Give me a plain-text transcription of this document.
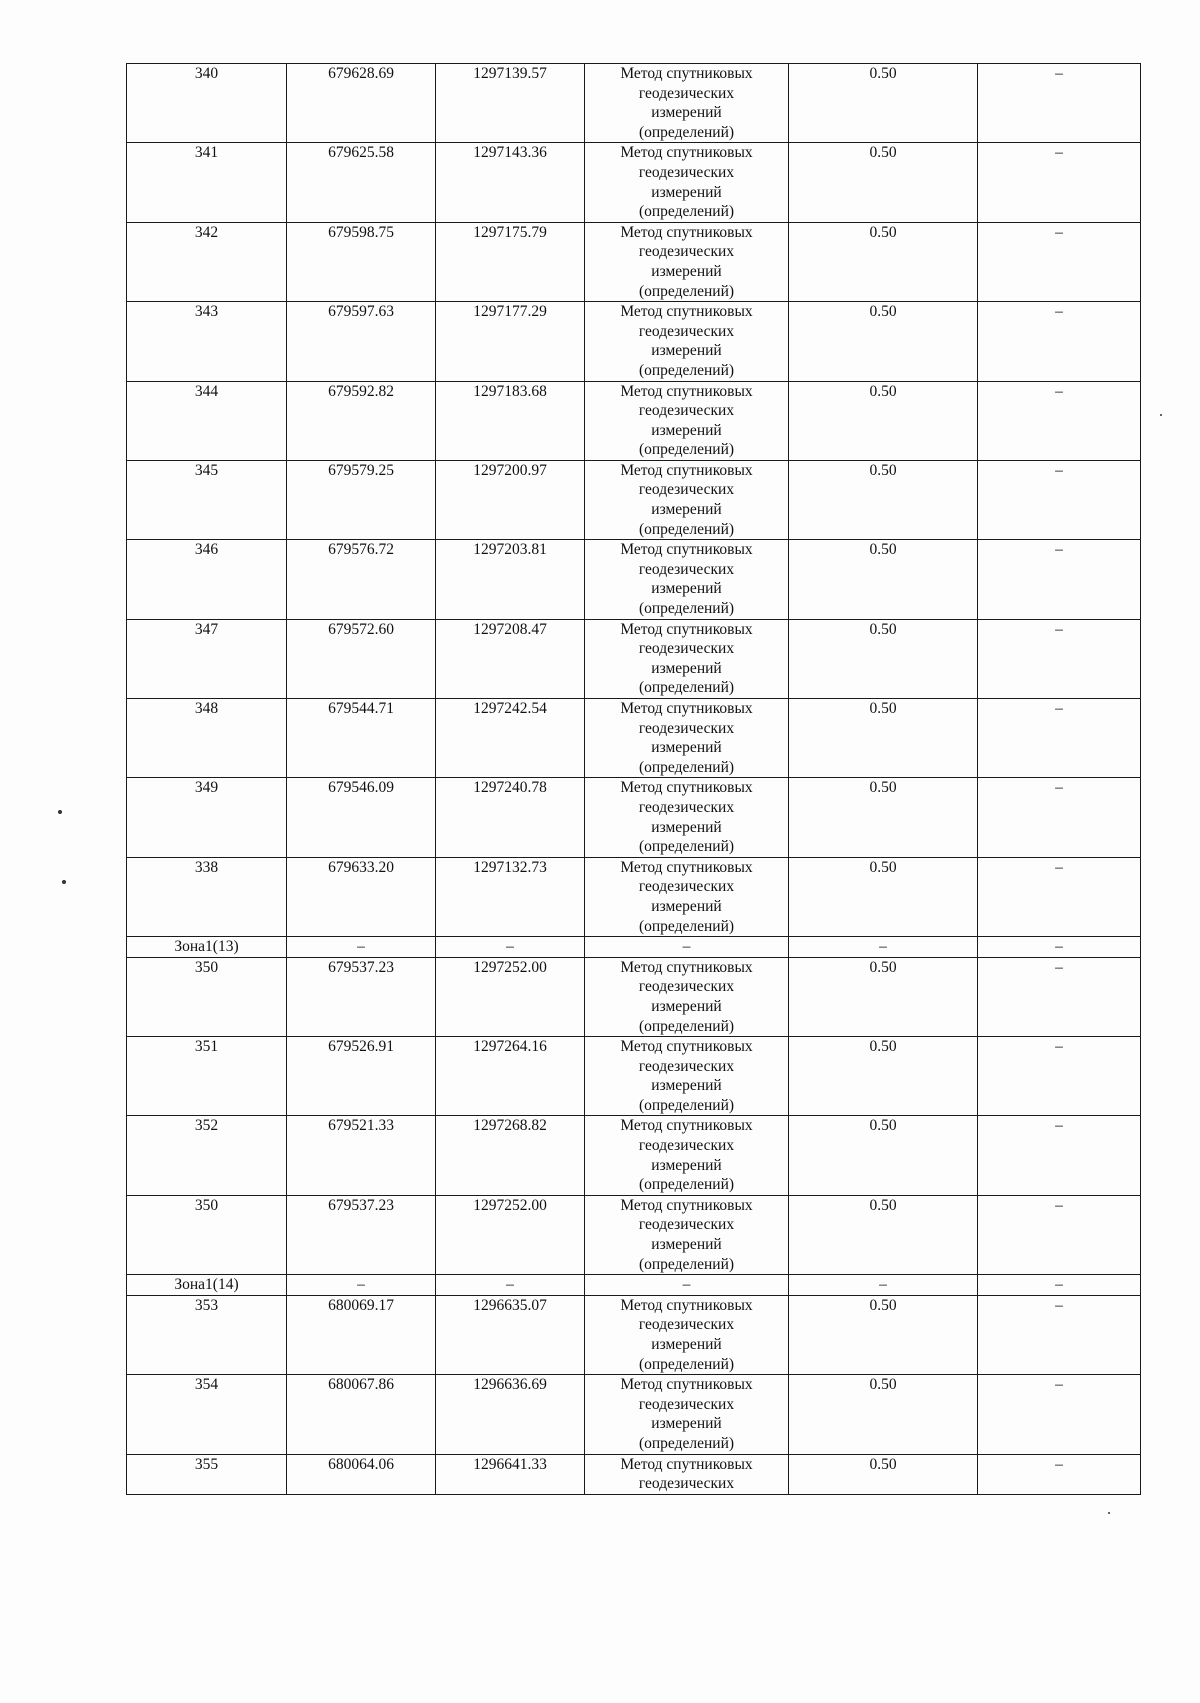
340	679628.69	1297139.57	Метод спутниковых
геодезических
измерений
(определений)	0.50	–
341	679625.58	1297143.36	Метод спутниковых
геодезических
измерений
(определений)	0.50	–
342	679598.75	1297175.79	Метод спутниковых
геодезических
измерений
(определений)	0.50	–
343	679597.63	1297177.29	Метод спутниковых
геодезических
измерений
(определений)	0.50	–
344	679592.82	1297183.68	Метод спутниковых
геодезических
измерений
(определений)	0.50	–
345	679579.25	1297200.97	Метод спутниковых
геодезических
измерений
(определений)	0.50	–
346	679576.72	1297203.81	Метод спутниковых
геодезических
измерений
(определений)	0.50	–
347	679572.60	1297208.47	Метод спутниковых
геодезических
измерений
(определений)	0.50	–
348	679544.71	1297242.54	Метод спутниковых
геодезических
измерений
(определений)	0.50	–
349	679546.09	1297240.78	Метод спутниковых
геодезических
измерений
(определений)	0.50	–
338	679633.20	1297132.73	Метод спутниковых
геодезических
измерений
(определений)	0.50	–
Зона1(13)	–	–	–	–	–
350	679537.23	1297252.00	Метод спутниковых
геодезических
измерений
(определений)	0.50	–
351	679526.91	1297264.16	Метод спутниковых
геодезических
измерений
(определений)	0.50	–
352	679521.33	1297268.82	Метод спутниковых
геодезических
измерений
(определений)	0.50	–
350	679537.23	1297252.00	Метод спутниковых
геодезических
измерений
(определений)	0.50	–
Зона1(14)	–	–	–	–	–
353	680069.17	1296635.07	Метод спутниковых
геодезических
измерений
(определений)	0.50	–
354	680067.86	1296636.69	Метод спутниковых
геодезических
измерений
(определений)	0.50	–
355	680064.06	1296641.33	Метод спутниковых
геодезических	0.50	–
